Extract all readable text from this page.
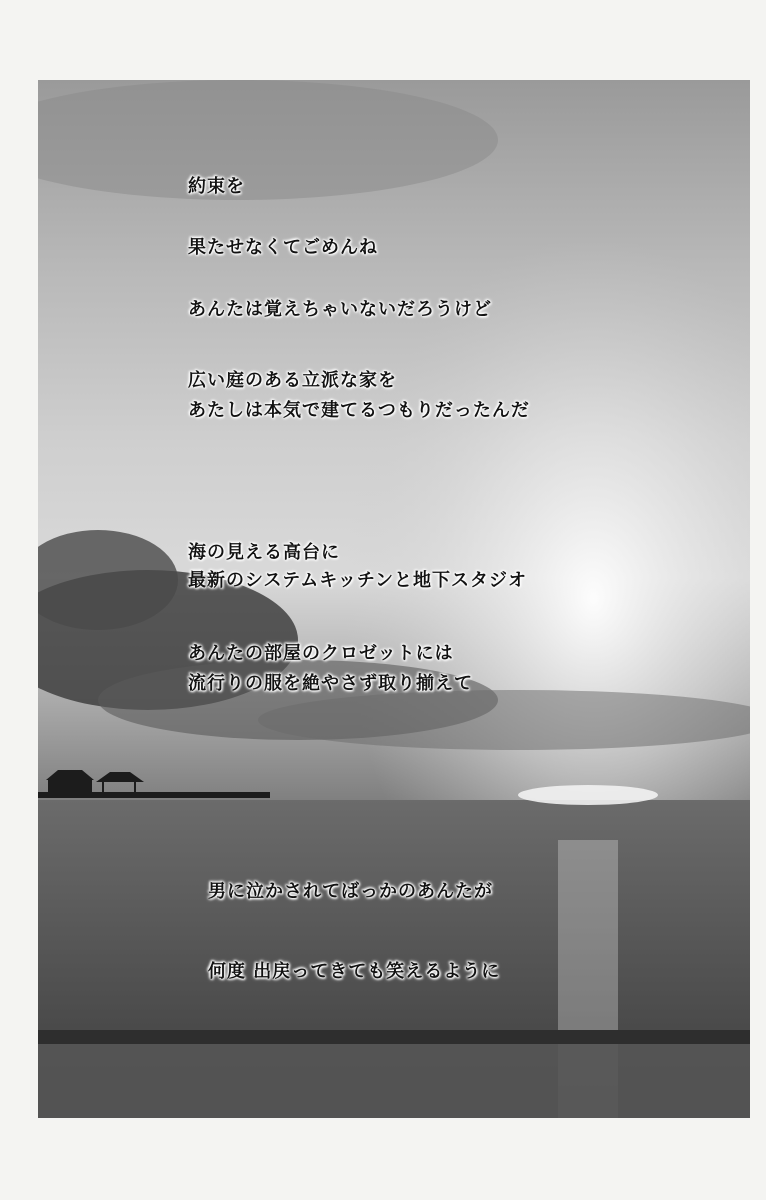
約束を
果たせなくてごめんね
あんたは覚えちゃいないだろうけど
広い庭のある立派な家を
あたしは本気で建てるつもりだったんだ
海の見える高台に
最新のシステムキッチンと地下スタジオ
あんたの部屋のクロゼットには
流行りの服を絶やさず取り揃えて
男に泣かされてばっかのあんたが
何度 出戻ってきても笑えるように
